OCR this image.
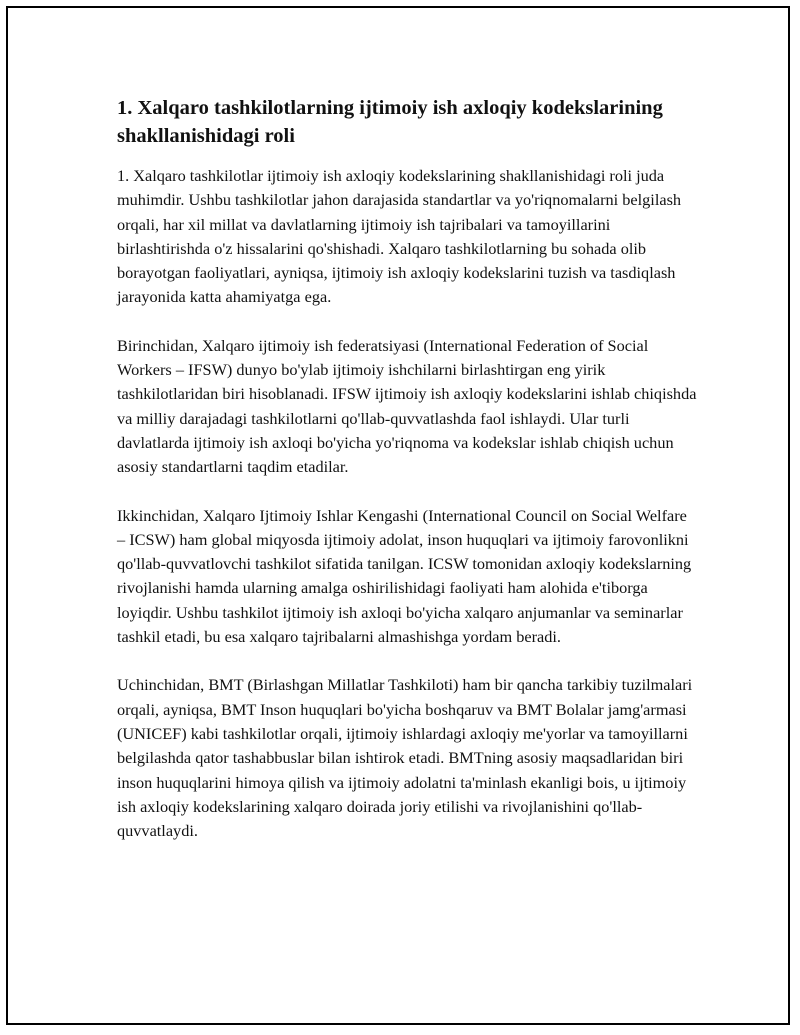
1. Xalqaro tashkilotlarning ijtimoiy ish axloqiy kodekslarining shakllanishidagi roli

1. Xalqaro tashkilotlar ijtimoiy ish axloqiy kodekslarining shakllanishidagi roli juda muhimdir. Ushbu tashkilotlar jahon darajasida standartlar va yo'riqnomalarni belgilash orqali, har xil millat va davlatlarning ijtimoiy ish tajribalari va tamoyillarini birlashtirishda o'z hissalarini qo'shishadi. Xalqaro tashkilotlarning bu sohada olib borayotgan faoliyatlari, ayniqsa, ijtimoiy ish axloqiy kodekslarini tuzish va tasdiqlash jarayonida katta ahamiyatga ega.

Birinchidan, Xalqaro ijtimoiy ish federatsiyasi (International Federation of Social Workers – IFSW) dunyo bo'ylab ijtimoiy ishchilarni birlashtirgan eng yirik tashkilotlaridan biri hisoblanadi. IFSW ijtimoiy ish axloqiy kodekslarini ishlab chiqishda va milliy darajadagi tashkilotlarni qo'llab-quvvatlashda faol ishlaydi. Ular turli davlatlarda ijtimoiy ish axloqi bo'yicha yo'riqnoma va kodekslar ishlab chiqish uchun asosiy standartlarni taqdim etadilar.

Ikkinchidan, Xalqaro Ijtimoiy Ishlar Kengashi (International Council on Social Welfare – ICSW) ham global miqyosda ijtimoiy adolat, inson huquqlari va ijtimoiy farovonlikni qo'llab-quvvatlovchi tashkilot sifatida tanilgan. ICSW tomonidan axloqiy kodekslarning rivojlanishi hamda ularning amalga oshirilishidagi faoliyati ham alohida e'tiborga loyiqdir. Ushbu tashkilot ijtimoiy ish axloqi bo'yicha xalqaro anjumanlar va seminarlar tashkil etadi, bu esa xalqaro tajribalarni almashishga yordam beradi.

Uchinchidan, BMT (Birlashgan Millatlar Tashkiloti) ham bir qancha tarkibiy tuzilmalari orqali, ayniqsa, BMT Inson huquqlari bo'yicha boshqaruv va BMT Bolalar jamg'armasi (UNICEF) kabi tashkilotlar orqali, ijtimoiy ishlardagi axloqiy me'yorlar va tamoyillarni belgilashda qator tashabbuslar bilan ishtirok etadi. BMTning asosiy maqsadlaridan biri inson huquqlarini himoya qilish va ijtimoiy adolatni ta'minlash ekanligi bois, u ijtimoiy ish axloqiy kodekslarining xalqaro doirada joriy etilishi va rivojlanishini qo'llab-quvvatlaydi.
